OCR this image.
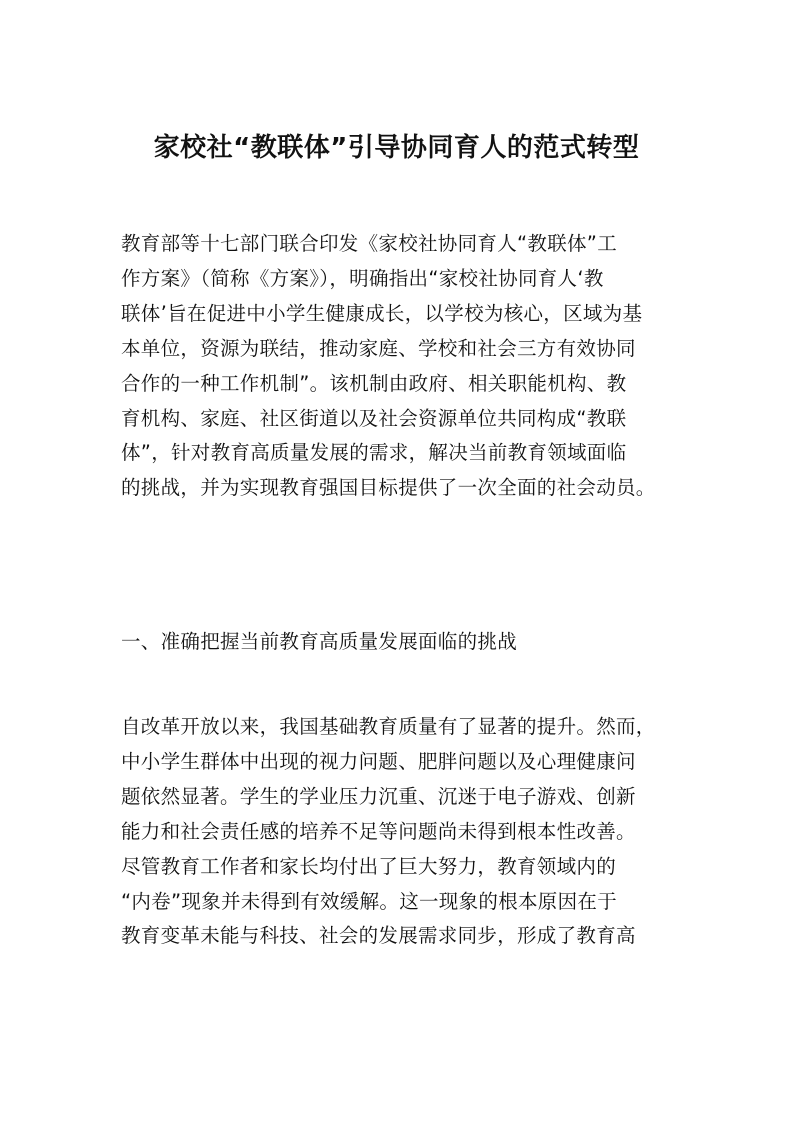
家校社“教联体”引导协同育人的范式转型
教育部等十七部门联合印发《家校社协同育人“教联体”工
作方案》（简称《方案》），明确指出“家校社协同育人‘教
联体’旨在促进中小学生健康成长，以学校为核心，区域为基
本单位，资源为联结，推动家庭、学校和社会三方有效协同
合作的一种工作机制”。该机制由政府、相关职能机构、教
育机构、家庭、社区街道以及社会资源单位共同构成“教联
体”，针对教育高质量发展的需求，解决当前教育领域面临
的挑战，并为实现教育强国目标提供了一次全面的社会动员。
一、准确把握当前教育高质量发展面临的挑战
自改革开放以来，我国基础教育质量有了显著的提升。然而，
中小学生群体中出现的视力问题、肥胖问题以及心理健康问
题依然显著。学生的学业压力沉重、沉迷于电子游戏、创新
能力和社会责任感的培养不足等问题尚未得到根本性改善。
尽管教育工作者和家长均付出了巨大努力，教育领域内的
“内卷”现象并未得到有效缓解。这一现象的根本原因在于
教育变革未能与科技、社会的发展需求同步，形成了教育高
